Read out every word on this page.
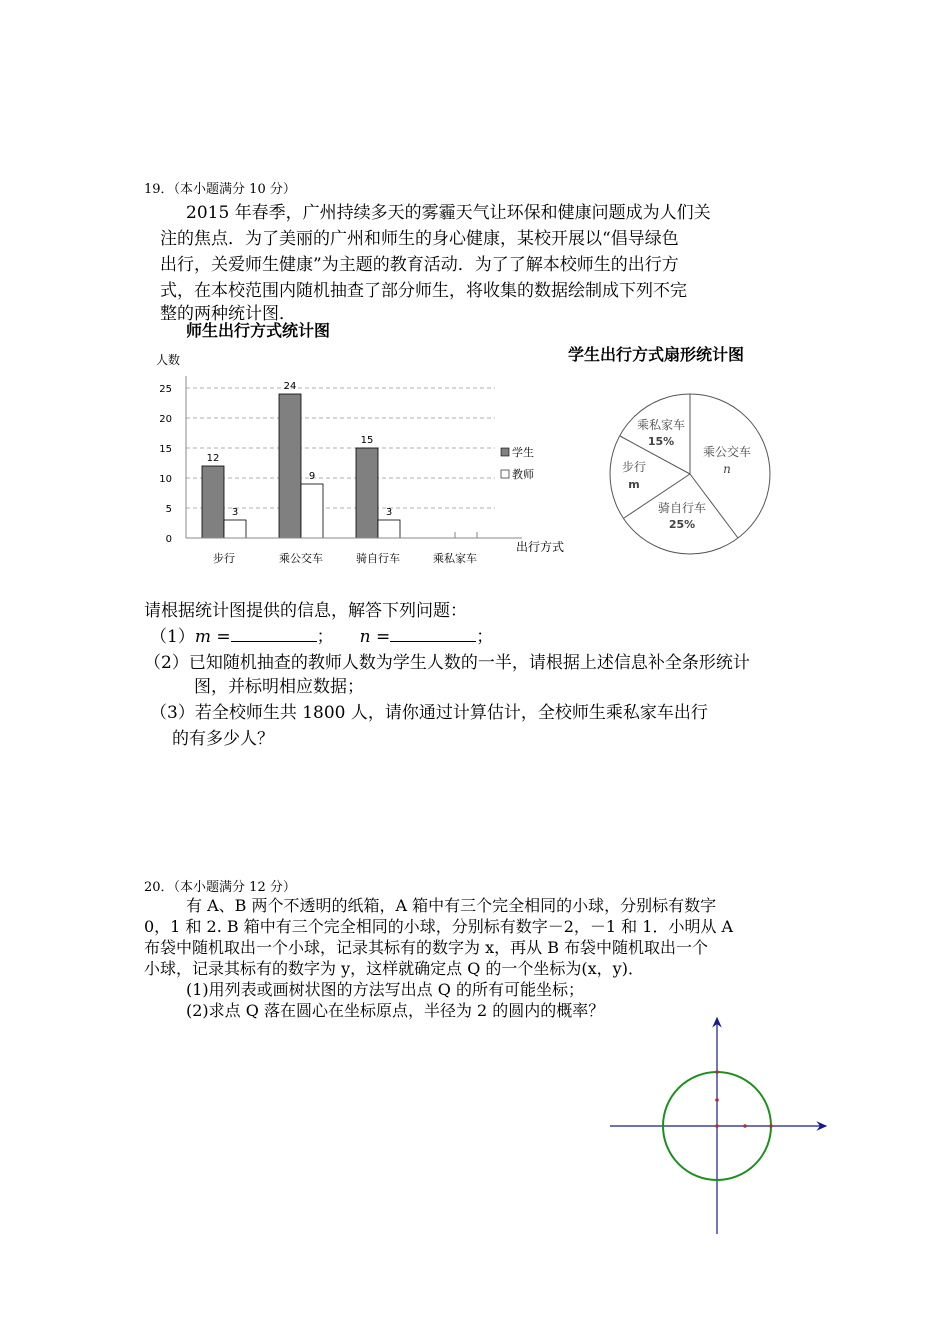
19．（本小题满分 10 分）
2015 年春季，广州持续多天的雾霾天气让环保和健康问题成为人们关
注的焦点．为了美丽的广州和师生的身心健康，某校开展以“倡导绿色
出行，关爱师生健康”为主题的教育活动．为了了解本校师生的出行方
式，在本校范围内随机抽查了部分师生，将收集的数据绘制成下列不完
整的两种统计图．
师生出行方式统计图
学生出行方式扇形统计图
人数
0
5
10
15
20
25
12
3
24
9
15
3
步行	乘公交车	骑自行车	乘私家车
学生
教师
出行方式
乘公交车
n
骑自行车
25%
步行
m
乘私家车
15%
请根据统计图提供的信息，解答下列问题：
（1）m =	； n =	；
（2）已知随机抽查的教师人数为学生人数的一半，请根据上述信息补全条形统计
图，并标明相应数据；
（3）若全校师生共 1800 人，请你通过计算估计，全校师生乘私家车出行
的有多少人？
20．（本小题满分 12 分）
有 A、B 两个不透明的纸箱，A 箱中有三个完全相同的小球，分别标有数字
0，1 和 2. B 箱中有三个完全相同的小球，分别标有数字－2，－1 和 1．小明从 A
布袋中随机取出一个小球，记录其标有的数字为 x，再从 B 布袋中随机取出一个
小球，记录其标有的数字为 y，这样就确定点 Q 的一个坐标为(x，y)．
(1)用列表或画树状图的方法写出点 Q 的所有可能坐标；
(2)求点 Q 落在圆心在坐标原点，半径为 2 的圆内的概率？
